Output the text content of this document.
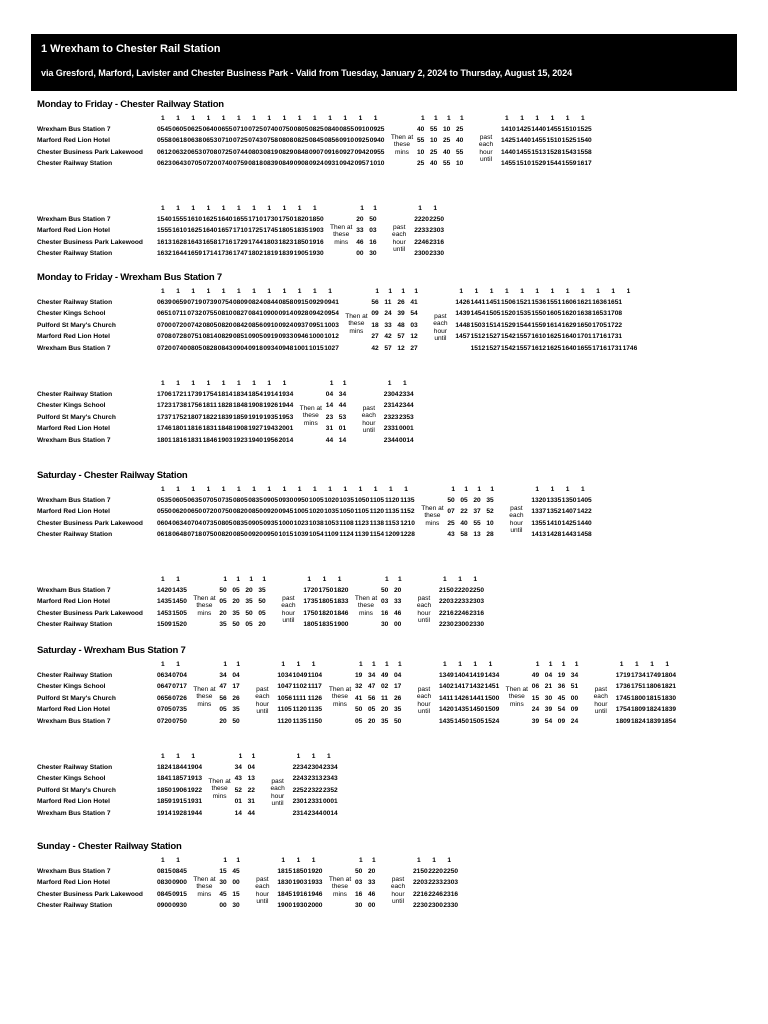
1 Wrexham to Chester Rail Station
via Gresford, Marford, Lavister and Chester Business Park - Valid from Tuesday, January 2, 2024 to Thursday, August 15, 2024
Monday to Friday - Chester Railway Station
Wrexham Bus Station 7
Marford Red Lion Hotel
Chester Business Park Lakewood
Chester Railway Station
1 1 1 1 1 1 1 1 1 1 1 1 1 1 1
0545 0605 0625 0640 0655 0710 0725 0740 0750 0805 0825 0840 0855 0910 0925
0558 0618 0638 0653 0710 0725 0743 0758 0808 0825 0845 0856 0910 0925 0940
0612 0632 0653 0708 0725 0744 0803 0819 0829 0848 0907 0916 0927 0942 0955
0623 0643 0705 0720 0740 0759 0818 0839 0849 0908 0924 0931 0942 0957 1010
Then at these mins
1 1 1 1
40 55 10 25
55 10 25 40
10 25 40 55
25 40 55 10
past each hour until
1 1 1 1 1 1
1410 1425 1440 1455 1510 1525
1425 1440 1455 1510 1525 1540
1440 1455 1513 1528 1543 1558
1455 1510 1529 1544 1559 1617
Wrexham Bus Station 7
Marford Red Lion Hotel
Chester Business Park Lakewood
Chester Railway Station
1 1 1 1 1 1 1 1 1 1 1
1540 1555 1610 1625 1640 1655 1710 1730 1750 1820 1850
1555 1610 1625 1640 1657 1710 1725 1745 1805 1835 1903
1613 1628 1643 1658 1716 1729 1744 1803 1823 1850 1916
1632 1644 1659 1714 1736 1747 1802 1819 1839 1905 1930
Then at these mins
1 1
20 50
33 03
46 16
00 30
past each hour until
1 1
2220 2250
2233 2303
2246 2316
2300 2330
Monday to Friday - Wrexham Bus Station 7
Chester Railway Station
Chester Kings School
Pulford St Mary's Church
Marford Red Lion Hotel
Wrexham Bus Station 7
1 1 1 1 1 1 1 1 1 1 1 1
0639 0659 0719 0739 0754 0809 0824 0844 0858 0915 0929 0941
0651 0711 0732 0755 0810 0827 0841 0900 0914 0928 0942 0954
0700 0720 0742 0805 0820 0842 0856 0910 0924 0937 0951 1003
0708 0728 0751 0814 0829 0851 0905 0919 0933 0946 1000 1012
0720 0740 0805 0828 0843 0904 0918 0934 0948 1001 1015 1027
Then at these mins
1 1 1 1
56 11 26 41
09 24 39 54
18 33 48 03
27 42 57 12
42 57 12 27
past each hour until
1 1 1 1 1 1 1 1 1 1 1 1
1426 1441 1451 1506 1521 1536 1551 1606 1621 1636 1651
1439 1454 1505 1520 1535 1550 1605 1620 1638 1653 1708
1448 1503 1514 1529 1544 1559 1614 1629 1650 1705 1722
1457 1512 1527 1542 1557 1610 1625 1640 1701 1716 1731
1512 1527 1542 1557 1612 1625 1640 1655 1716 1731 1746
Chester Railway Station
Chester Kings School
Pulford St Mary's Church
Marford Red Lion Hotel
Wrexham Bus Station 7
1 1 1 1 1 1 1 1 1
1706 1721 1739 1754 1814 1834 1854 1914 1934
1723 1738 1756 1811 1828 1848 1908 1926 1944
1737 1752 1807 1822 1839 1859 1919 1935 1953
1746 1801 1816 1831 1848 1908 1927 1943 2001
1801 1816 1831 1846 1903 1923 1940 1956 2014
Then at these mins
1 1
04 34
14 44
23 53
31 01
44 14
past each hour until
1 1
2304 2334
2314 2344
2323 2353
2331 0001
2344 0014
Saturday - Chester Railway Station
Wrexham Bus Station 7
Marford Red Lion Hotel
Chester Business Park Lakewood
Chester Railway Station
1 1 1 1 1 1 1 1 1 1 1 1 1 1 1 1 1
0535 0605 0635 0705 0735 0805 0835 0905 0930 0950 1005 1020 1035 1050 1105 1120 1135
0550 0620 0650 0720 0750 0820 0850 0920 0945 1005 1020 1035 1050 1105 1120 1135 1152
0604 0634 0704 0735 0805 0835 0905 0935 1000 1023 1038 1053 1108 1123 1138 1153 1210
0618 0648 0718 0750 0820 0850 0920 0950 1015 1039 1054 1109 1124 1139 1154 1209 1228
Then at these mins
1 1 1 1
50 05 20 35
07 22 37 52
25 40 55 10
43 58 13 28
past each hour until
1 1 1 1
1320 1335 1350 1405
1337 1352 1407 1422
1355 1410 1425 1440
1413 1428 1443 1458
Wrexham Bus Station 7
Marford Red Lion Hotel
Chester Business Park Lakewood
Chester Railway Station
1 1
1420 1435
1435 1450
1453 1505
1509 1520
Then at these mins
1 1 1 1
50 05 20 35
05 20 35 50
20 35 50 05
35 50 05 20
past each hour until
1 1 1
1720 1750 1820
1735 1805 1833
1750 1820 1846
1805 1835 1900
Then at these mins
1 1
50 20
03 33
16 46
30 00
past each hour until
1 1 1
2150 2220 2250
2203 2233 2303
2216 2246 2316
2230 2300 2330
Saturday - Wrexham Bus Station 7
Chester Railway Station
Chester Kings School
Pulford St Mary's Church
Marford Red Lion Hotel
Wrexham Bus Station 7
1 1
0634 0704
0647 0717
0656 0726
0705 0735
0720 0750
Then at these mins
1 1
34 04
47 17
56 26
05 35
20 50
past each hour until
1 1 1
1034 1049 1104
1047 1102 1117
1056 1111 1126
1105 1120 1135
1120 1135 1150
Then at these mins
1 1 1 1
19 34 49 04
32 47 02 17
41 56 11 26
50 05 20 35
05 20 35 50
past each hour until
1 1 1 1
1349 1404 1419 1434
1402 1417 1432 1451
1411 1426 1441 1500
1420 1435 1450 1509
1435 1450 1505 1524
Then at these mins
1 1 1 1
49 04 19 34
06 21 36 51
15 30 45 00
24 39 54 09
39 54 09 24
past each hour until
1 1 1 1
1719 1734 1749 1804
1736 1751 1806 1821
1745 1800 1815 1830
1754 1809 1824 1839
1809 1824 1839 1854
Chester Railway Station
Chester Kings School
Pulford St Mary's Church
Marford Red Lion Hotel
Wrexham Bus Station 7
1 1 1
1824 1844 1904
1841 1857 1913
1850 1906 1922
1859 1915 1931
1914 1928 1944
Then at these mins
1 1
34 04
43 13
52 22
01 31
14 44
past each hour until
1 1 1
2234 2304 2334
2243 2313 2343
2252 2322 2352
2301 2331 0001
2314 2344 0014
Sunday - Chester Railway Station
Wrexham Bus Station 7
Marford Red Lion Hotel
Chester Business Park Lakewood
Chester Railway Station
1 1
0815 0845
0830 0900
0845 0915
0900 0930
Then at these mins
1 1
15 45
30 00
45 15
00 30
past each hour until
1 1 1
1815 1850 1920
1830 1903 1933
1845 1916 1946
1900 1930 2000
Then at these mins
1 1
50 20
03 33
16 46
30 00
past each hour until
1 1 1
2150 2220 2250
2203 2233 2303
2216 2246 2316
2230 2300 2330
